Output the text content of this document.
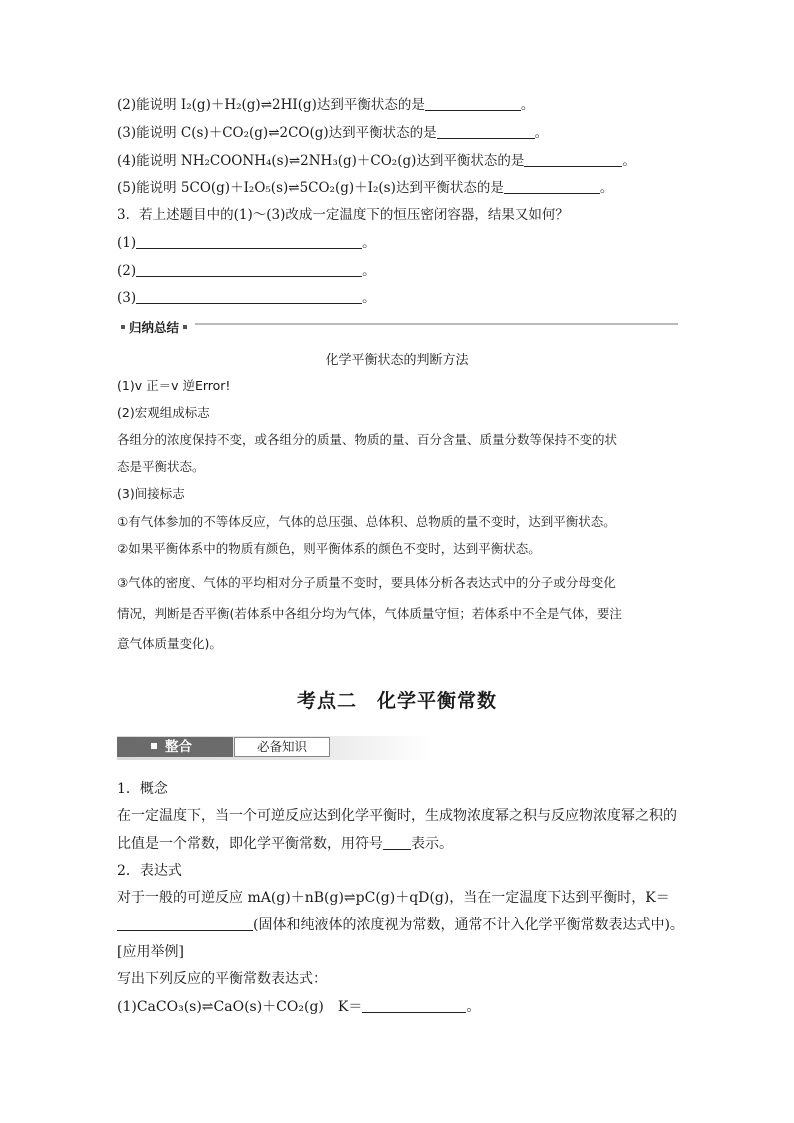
(2)能说明 I₂(g)＋H₂(g)⇌2HI(g)达到平衡状态的是	。
(3)能说明 C(s)＋CO₂(g)⇌2CO(g)达到平衡状态的是	。
(4)能说明 NH₂COONH₄(s)⇌2NH₃(g)＋CO₂(g)达到平衡状态的是	。
(5)能说明 5CO(g)＋I₂O₅(s)⇌5CO₂(g)＋I₂(s)达到平衡状态的是	。
3．若上述题目中的(1)～(3)改成一定温度下的恒压密闭容器，结果又如何？
(1)	。
(2)	。
(3)	。
归纳总结
化学平衡状态的判断方法
(1)v 正＝v 逆Error!
(2)宏观组成标志
各组分的浓度保持不变，或各组分的质量、物质的量、百分含量、质量分数等保持不变的状
态是平衡状态。
(3)间接标志
①有气体参加的不等体反应，气体的总压强、总体积、总物质的量不变时，达到平衡状态。
②如果平衡体系中的物质有颜色，则平衡体系的颜色不变时，达到平衡状态。
③气体的密度、气体的平均相对分子质量不变时，要具体分析各表达式中的分子或分母变化
情况，判断是否平衡(若体系中各组分均为气体，气体质量守恒；若体系中不全是气体，要注
意气体质量变化)。
考点二　化学平衡常数
整合	必备知识
1．概念
在一定温度下，当一个可逆反应达到化学平衡时，生成物浓度幂之积与反应物浓度幂之积的
比值是一个常数，即化学平衡常数，用符号 表示。
2．表达式
对于一般的可逆反应 mA(g)＋nB(g)⇌pC(g)＋qD(g)，当在一定温度下达到平衡时，K＝
(固体和纯液体的浓度视为常数，通常不计入化学平衡常数表达式中)。
[应用举例]
写出下列反应的平衡常数表达式：
(1)CaCO₃(s)⇌CaO(s)＋CO₂(g)　K＝	。
